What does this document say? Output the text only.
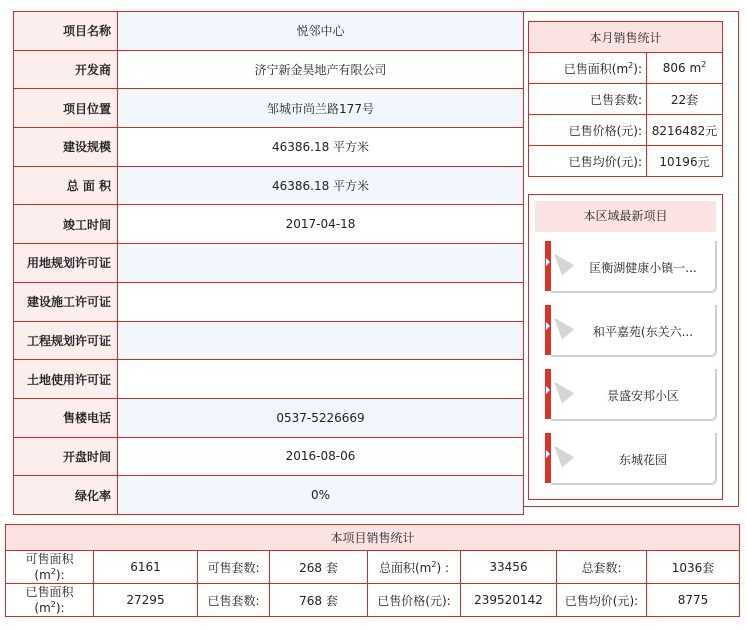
项目名称	悦邻中心
开发商	济宁新金昊地产有限公司
项目位置	邹城市尚兰路177号
建设规模	46386.18 平方米
总 面 积	46386.18 平方米
竣工时间	2017-04-18
用地规划许可证	
建设施工许可证	
工程规划许可证	
土地使用许可证	
售楼电话	0537-5226669
开盘时间	2016-08-06
绿化率	0%
本月销售统计	
已售面积$(m^2)$:	806 $m^2$
已售套数:	22套
已售价格(元):	8216482元
已售均价(元):	10196元
本区域最新项目
匡衡湖健康小镇一...
和平嘉苑(东关六...
景盛安邦小区
东城花园
本项目销售统计							
可售面积
$(m^2)$:	6161	可售套数:	268 套	总面积$(m^2)$ :	33456	总套数:	1036套
已售面积
$(m^2)$:	27295	已售套数:	768 套	已售价格(元):	239520142	已售均价(元):	8775
